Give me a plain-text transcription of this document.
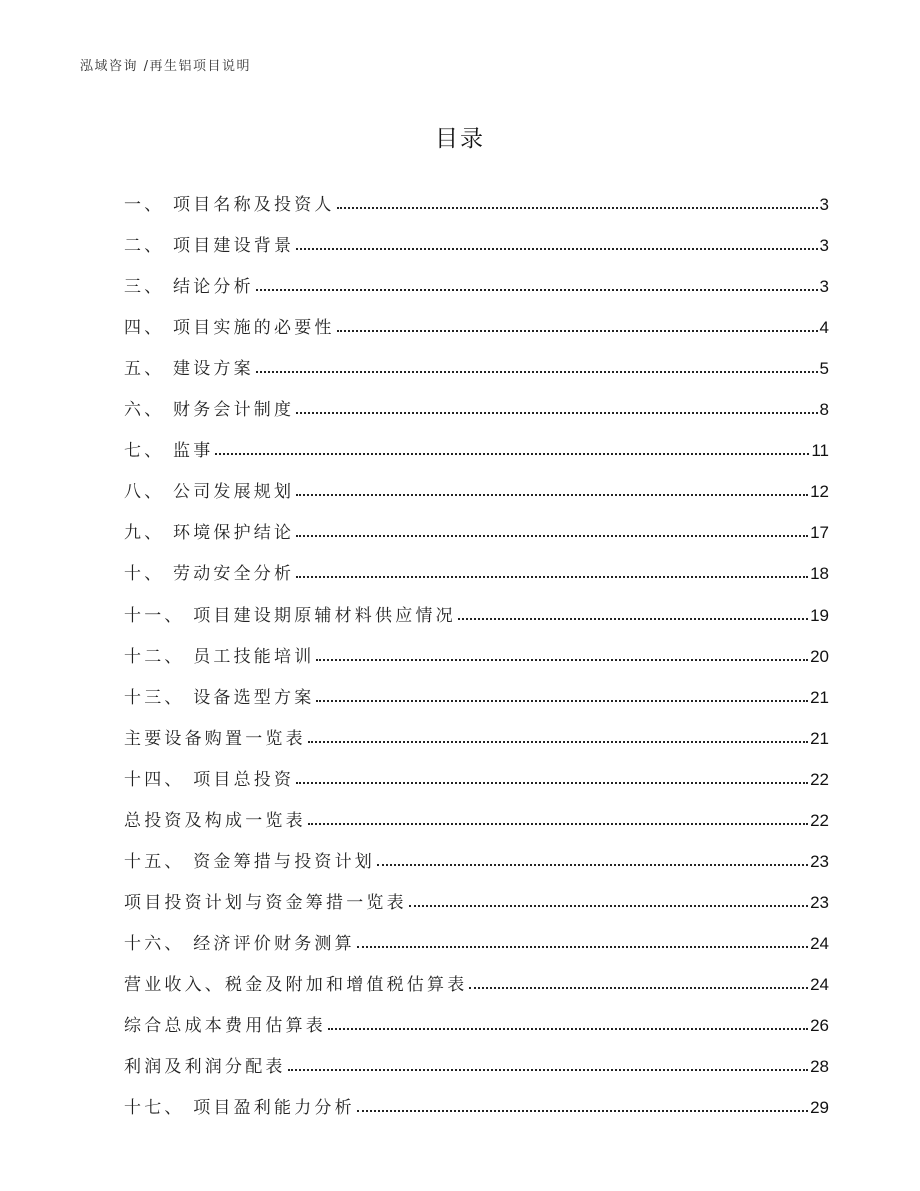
泓域咨询 /再生铝项目说明
目录
一、 项目名称及投资人	3
二、 项目建设背景	3
三、 结论分析	3
四、 项目实施的必要性	4
五、 建设方案	5
六、 财务会计制度	8
七、 监事	11
八、 公司发展规划	12
九、 环境保护结论	17
十、 劳动安全分析	18
十一、 项目建设期原辅材料供应情况	19
十二、 员工技能培训	20
十三、 设备选型方案	21
主要设备购置一览表	21
十四、 项目总投资	22
总投资及构成一览表	22
十五、 资金筹措与投资计划	23
项目投资计划与资金筹措一览表	23
十六、 经济评价财务测算	24
营业收入、税金及附加和增值税估算表	24
综合总成本费用估算表	26
利润及利润分配表	28
十七、 项目盈利能力分析	29
